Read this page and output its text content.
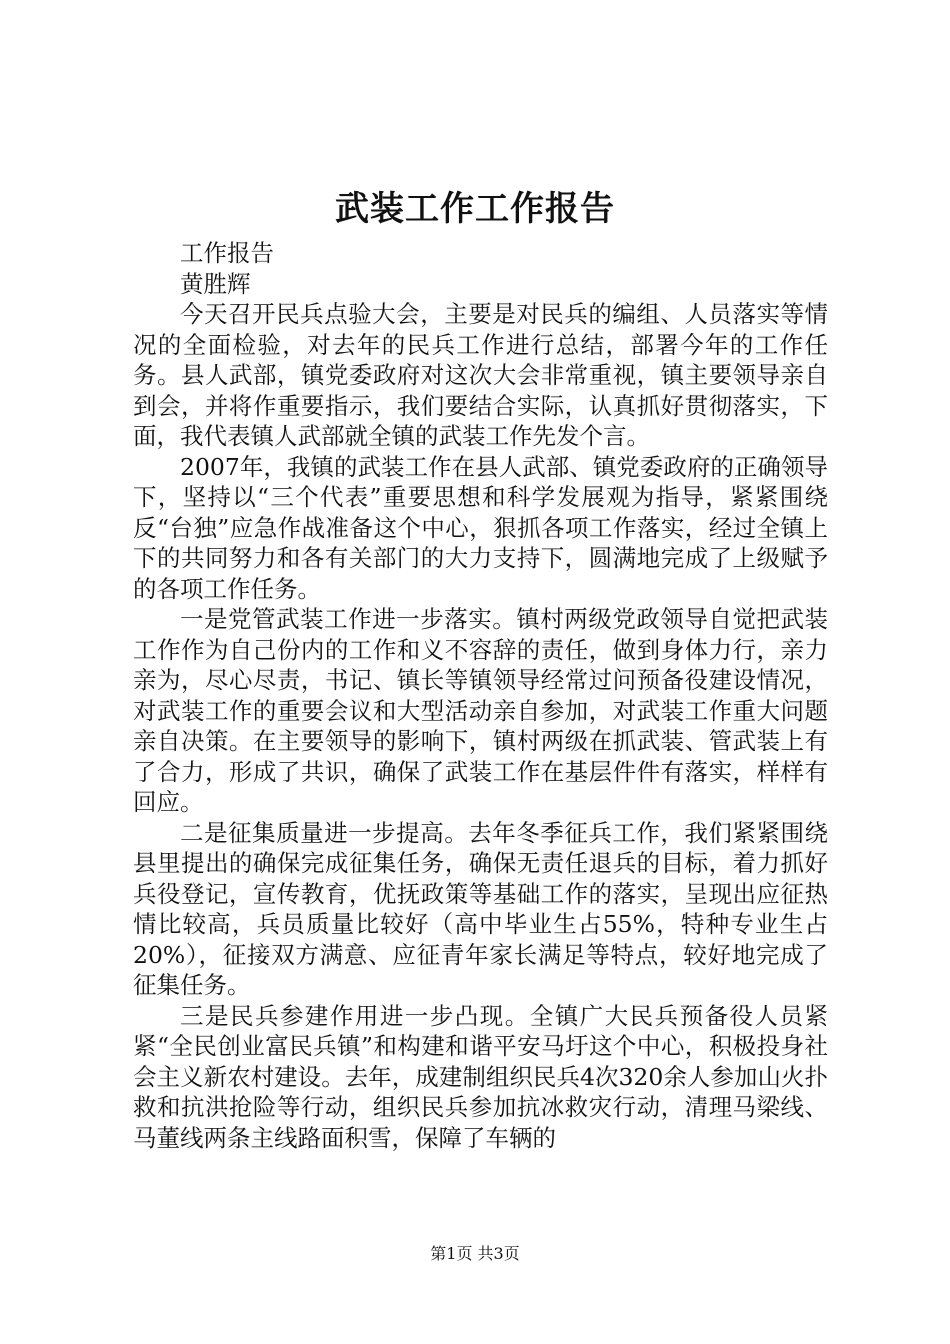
武装工作工作报告

工作报告

黄胜辉

今天召开民兵点验大会，主要是对民兵的编组、人员落实等情况的全面检验，对去年的民兵工作进行总结，部署今年的工作任务。县人武部，镇党委政府对这次大会非常重视，镇主要领导亲自到会，并将作重要指示，我们要结合实际，认真抓好贯彻落实，下面，我代表镇人武部就全镇的武装工作先发个言。

2007年，我镇的武装工作在县人武部、镇党委政府的正确领导下，坚持以“三个代表”重要思想和科学发展观为指导，紧紧围绕反“台独”应急作战准备这个中心，狠抓各项工作落实，经过全镇上下的共同努力和各有关部门的大力支持下，圆满地完成了上级赋予的各项工作任务。

一是党管武装工作进一步落实。镇村两级党政领导自觉把武装工作作为自己份内的工作和义不容辞的责任，做到身体力行，亲力亲为，尽心尽责，书记、镇长等镇领导经常过问预备役建设情况，对武装工作的重要会议和大型活动亲自参加，对武装工作重大问题亲自决策。在主要领导的影响下，镇村两级在抓武装、管武装上有了合力，形成了共识，确保了武装工作在基层件件有落实，样样有回应。

二是征集质量进一步提高。去年冬季征兵工作，我们紧紧围绕县里提出的确保完成征集任务，确保无责任退兵的目标，着力抓好兵役登记，宣传教育，优抚政策等基础工作的落实，呈现出应征热情比较高，兵员质量比较好（高中毕业生占55%，特种专业生占20%），征接双方满意、应征青年家长满足等特点，较好地完成了征集任务。

三是民兵参建作用进一步凸现。全镇广大民兵预备役人员紧紧“全民创业富民兵镇”和构建和谐平安马圩这个中心，积极投身社会主义新农村建设。去年，成建制组织民兵4次320余人参加山火扑救和抗洪抢险等行动，组织民兵参加抗冰救灾行动，清理马梁线、马董线两条主线路面积雪，保障了车辆的

第1页 共3页
